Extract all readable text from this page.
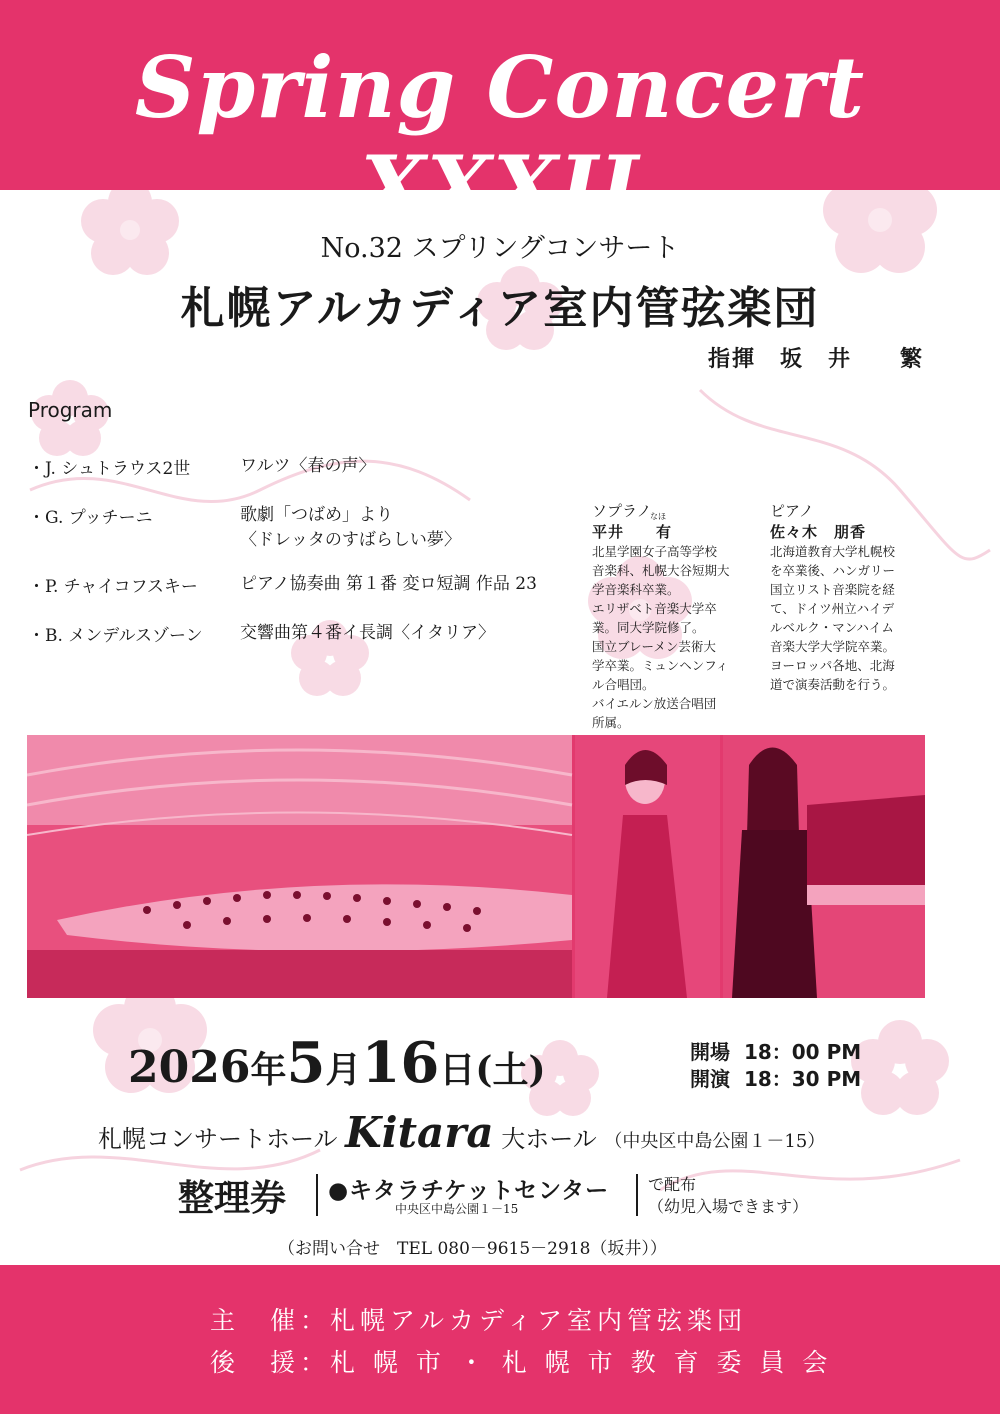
Spring Concert XXXII
No.32 スプリングコンサート
札幌アルカディア室内管弦楽団
指揮　坂　井　　繁
Program
・J. シュトラウス2世	ワルツ〈春の声〉
・G. プッチーニ	歌劇「つばめ」より
〈ドレッタのすばらしい夢〉
・P. チャイコフスキー ピアノ協奏曲 第１番 変ロ短調 作品 23
・B. メンデルスゾーン 交響曲第４番イ長調〈イタリア〉
ソプラノ
なほ
平井　　有
北星学園女子高等学校
音楽科、札幌大谷短期大
学音楽科卒業。
エリザベト音楽大学卒
業。同大学院修了。
国立ブレーメン芸術大
学卒業。ミュンヘンフィ
ル合唱団。
バイエルン放送合唱団
所属。
ピアノ
佐々木　朋香
北海道教育大学札幌校
を卒業後、ハンガリー
国立リスト音楽院を経
て、ドイツ州立ハイデ
ルベルク・マンハイム
音楽大学大学院卒業。
ヨーロッパ各地、北海
道で演奏活動を行う。
2026年5月16日(土)	開場 18：00 PM
開演 18：30 PM
札幌コンサートホール Kitara 大ホール （中央区中島公園１－15）
整理券 ●キタラチケットセンター
中央区中島公園１－15
で配布
（幼児入場できます）
（お問い合せ　TEL 080－9615－2918（坂井））
主　催：札幌アルカディア室内管弦楽団
後　援：札 幌 市 ・ 札 幌 市 教 育 委 員 会
